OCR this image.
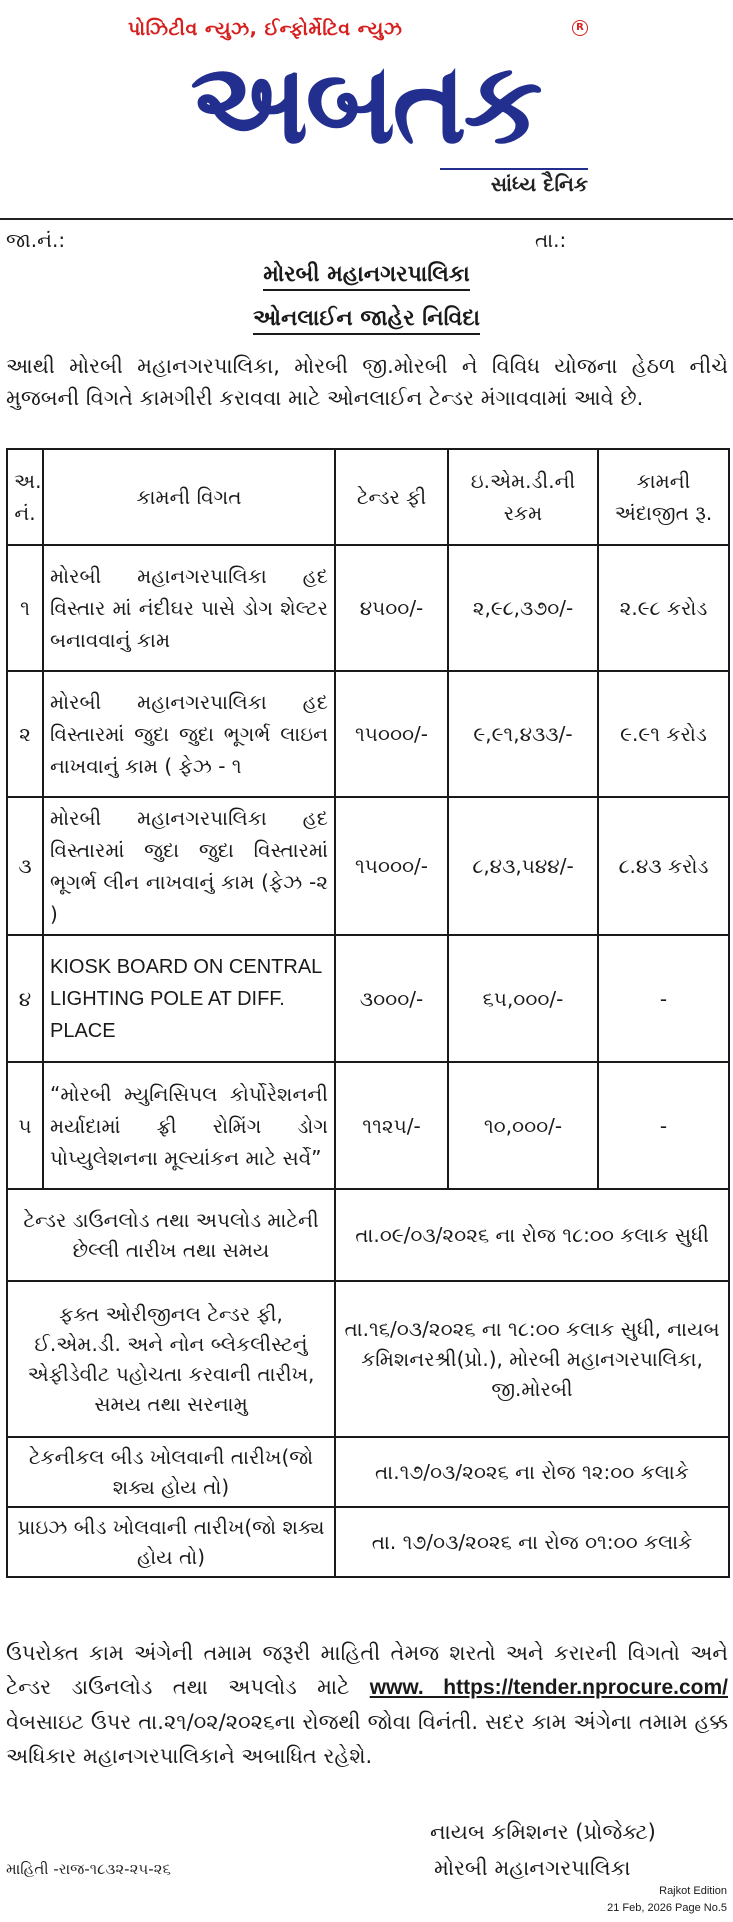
પોઝિટીવ ન્યુઝ, ઈન્ફોર્મેટિવ ન્યુઝ	R
અબતક
સાંધ્ય દૈનિક
જા.નં.:	તા.:
મોરબી મહાનગરપાલિકા
ઓનલાઈન જાહેર નિવિદા
આથી મોરબી મહાનગરપાલિકા, મોરબી જી.મોરબી ને વિવિધ યોજના હેઠળ નીચે મુજબની વિગતે કામગીરી કરાવવા માટે ઓનલાઈન ટેન્ડર મંગાવવામાં આવે છે.
અ. નં.	કામની વિગત	ટેન્ડર ફી	ઇ.એમ.ડી.ની રકમ	કામની અંદાજીત રૂ.
૧	મોરબી મહાનગરપાલિકા હદ વિસ્તાર માં નંદીઘર પાસે ડોગ શેલ્ટર બનાવવાનું કામ	૪૫૦૦/-	૨,૯૮,૩૭૦/-	૨.૯૮ કરોડ
૨	મોરબી મહાનગરપાલિકા હદ વિસ્તારમાં જુદા જુદા ભૂગર્ભ લાઇન નાખવાનું કામ ( ફેઝ - ૧	૧૫૦૦૦/-	૯,૯૧,૪૩૩/-	૯.૯૧ કરોડ
૩	મોરબી મહાનગરપાલિકા હદ વિસ્તારમાં જુદા જુદા વિસ્તારમાં ભૂગર્ભ લીન નાખવાનું કામ (ફેઝ -૨ )	૧૫૦૦૦/-	૮,૪૩,૫૪૪/-	૮.૪૩ કરોડ
૪	KIOSK BOARD ON CENTRAL LIGHTING POLE AT DIFF. PLACE	૩૦૦૦/-	૬૫,૦૦૦/-	-
૫	“મોરબી મ્યુનિસિપલ કોર્પોરેશનની મર્યાદામાં ફ્રી રોમિંગ ડોગ પોપ્યુલેશનના મૂલ્યાંકન માટે સર્વે”	૧૧૨૫/-	૧૦,૦૦૦/-	-
ટેન્ડર ડાઉનલોડ તથા અપલોડ માટેની છેલ્લી તારીખ તથા સમય		તા.૦૯/૦૩/૨૦૨૬ ના રોજ ૧૮:૦૦ કલાક સુધી		
ફક્ત ઓરીજીનલ ટેન્ડર ફી, ઈ.એમ.ડી. અને નોન બ્લેકલીસ્ટનું એફીડેવીટ પહોચતા કરવાની તારીખ, સમય તથા સરનામુ		તા.૧૬/૦૩/૨૦૨૬ ના ૧૮:૦૦ કલાક સુધી, નાયબ કમિશનરશ્રી(પ્રો.), મોરબી મહાનગરપાલિકા, જી.મોરબી		
ટેકનીકલ બીડ ખોલવાની તારીખ(જો શક્ય હોય તો)		તા.૧૭/૦૩/૨૦૨૬ ના રોજ ૧૨:૦૦ કલાકે		
પ્રાઇઝ બીડ ખોલવાની તારીખ(જો શક્ય હોય તો)		તા. ૧૭/૦૩/૨૦૨૬ ના રોજ ૦૧:૦૦ કલાકે		
ઉપરોક્ત કામ અંગેની તમામ જરૂરી માહિતી તેમજ શરતો અને કરારની વિગતો અને ટેન્ડર ડાઉનલોડ તથા અપલોડ માટે www. https://tender.nprocure.com/ વેબસાઇટ ઉપર તા.૨૧/૦૨/૨૦૨૬ના રોજથી જોવા વિનંતી. સદર કામ અંગેના તમામ હક્ક અધિકાર મહાનગરપાલિકાને અબાધિત રહેશે.
નાયબ કમિશનર (પ્રોજેક્ટ)
મોરબી મહાનગરપાલિકા
માહિતી -રાજ-૧૮૩૨-૨૫-૨૬
Rajkot Edition
21 Feb, 2026 Page No.5
